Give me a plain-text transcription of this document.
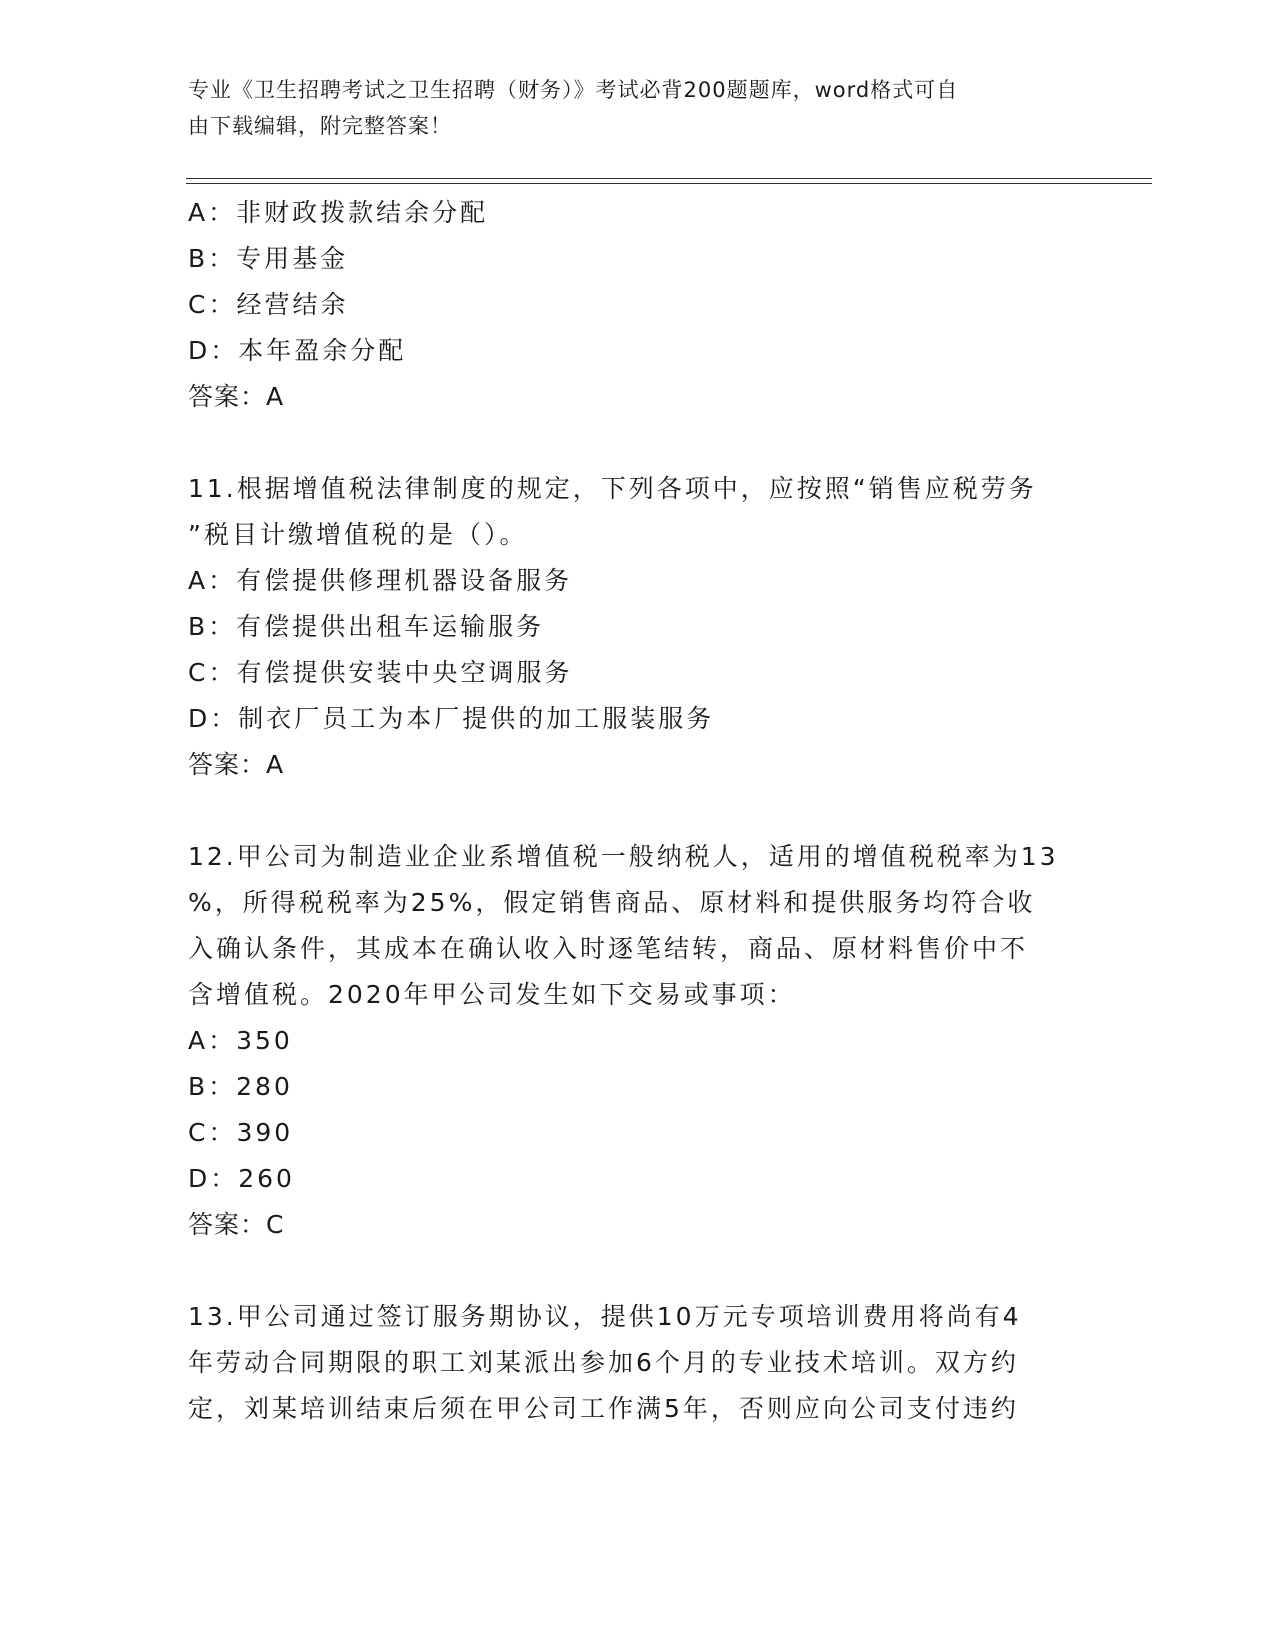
专业《卫生招聘考试之卫生招聘（财务）》考试必背200题题库，word格式可自
由下载编辑，附完整答案！
A：非财政拨款结余分配
B：专用基金
C：经营结余
D：本年盈余分配
答案：A
11.根据增值税法律制度的规定，下列各项中，应按照“销售应税劳务
”税目计缴增值税的是（）。
A：有偿提供修理机器设备服务
B：有偿提供出租车运输服务
C：有偿提供安装中央空调服务
D：制衣厂员工为本厂提供的加工服装服务
答案：A
12.甲公司为制造业企业系增值税一般纳税人，适用的增值税税率为13
%，所得税税率为25%，假定销售商品、原材料和提供服务均符合收
入确认条件，其成本在确认收入时逐笔结转，商品、原材料售价中不
含增值税。2020年甲公司发生如下交易或事项：
A：350
B：280
C：390
D：260
答案：C
13.甲公司通过签订服务期协议，提供10万元专项培训费用将尚有4
年劳动合同期限的职工刘某派出参加6个月的专业技术培训。双方约
定，刘某培训结束后须在甲公司工作满5年，否则应向公司支付违约
